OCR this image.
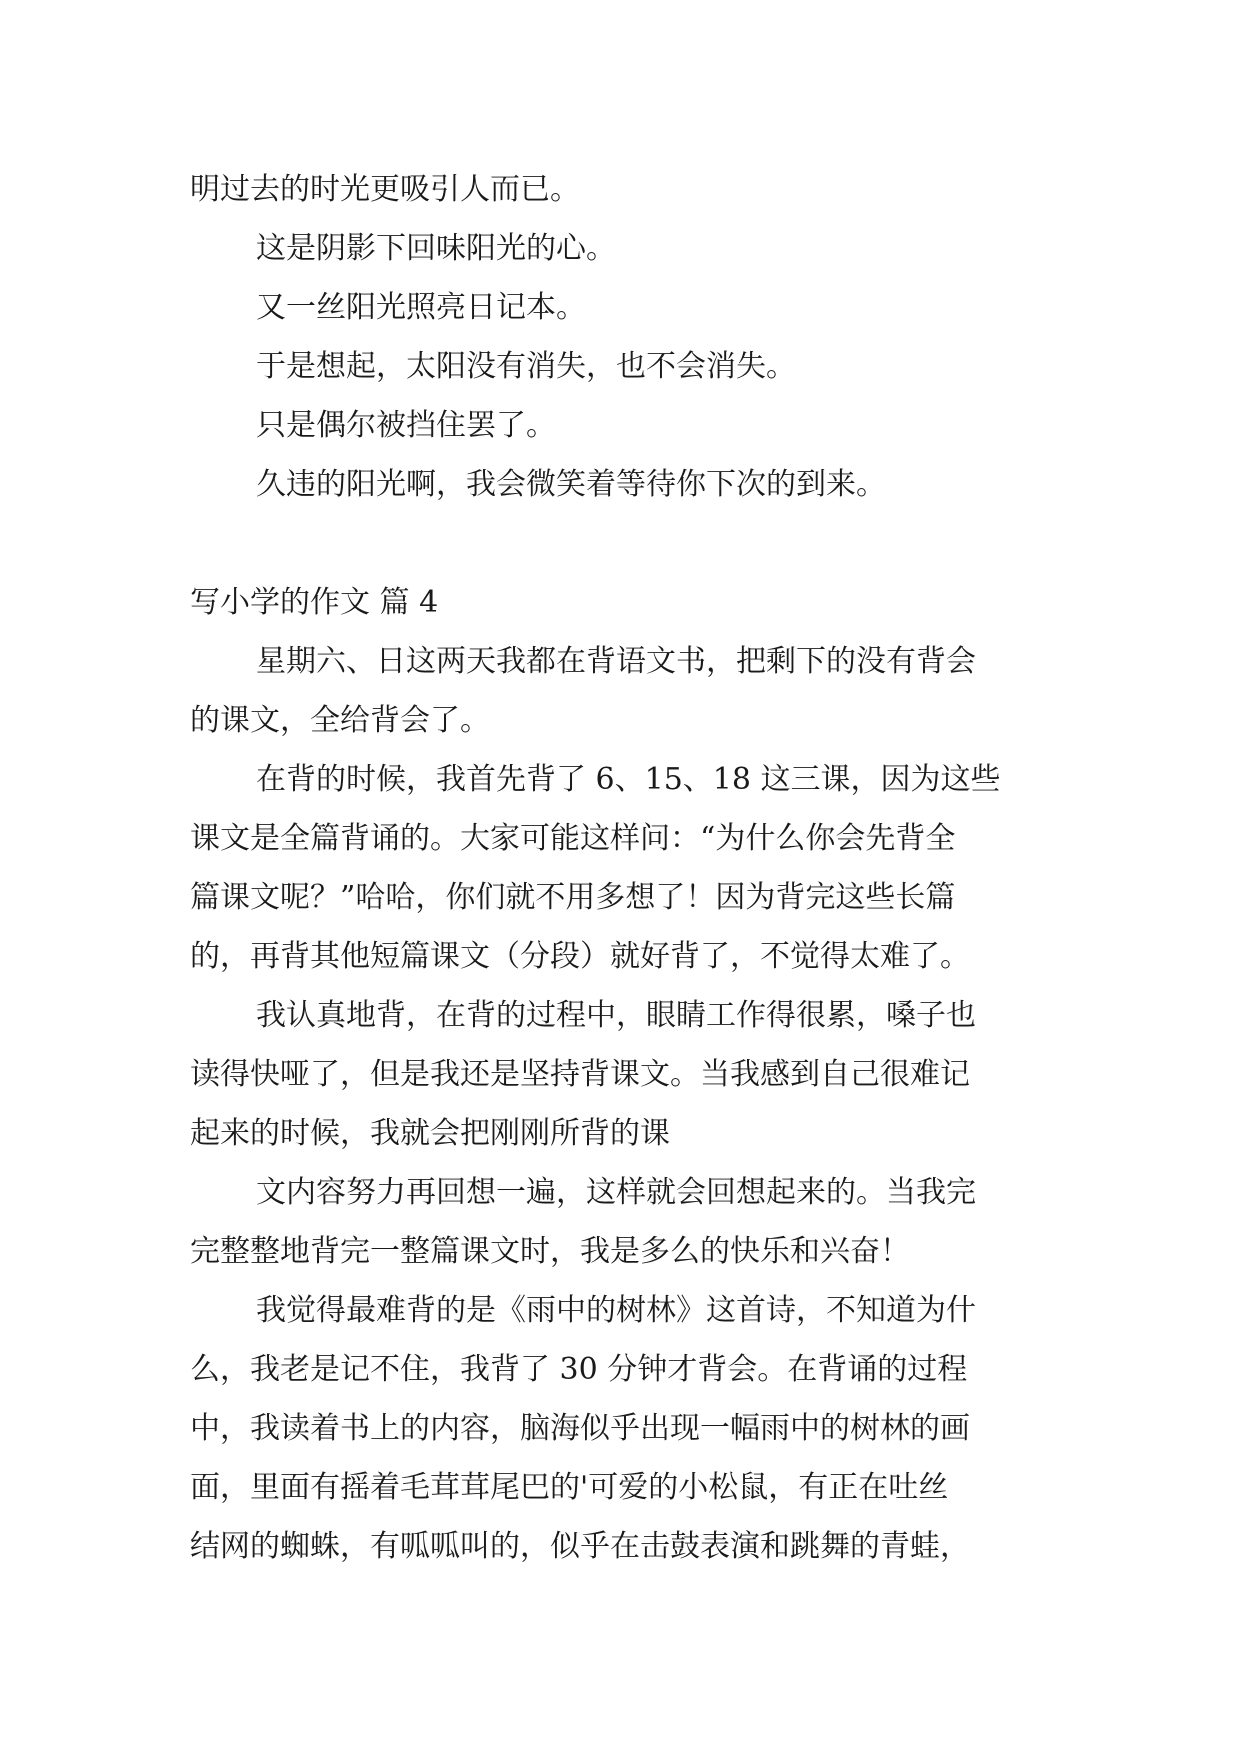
明过去的时光更吸引人而已。
这是阴影下回味阳光的心。
又一丝阳光照亮日记本。
于是想起，太阳没有消失，也不会消失。
只是偶尔被挡住罢了。
久违的阳光啊，我会微笑着等待你下次的到来。
写小学的作文 篇 4
星期六、日这两天我都在背语文书，把剩下的没有背会
的课文，全给背会了。
在背的时候，我首先背了 6、15、18 这三课，因为这些
课文是全篇背诵的。大家可能这样问：“为什么你会先背全
篇课文呢？”哈哈，你们就不用多想了！因为背完这些长篇
的，再背其他短篇课文（分段）就好背了，不觉得太难了。
我认真地背，在背的过程中，眼睛工作得很累，嗓子也
读得快哑了，但是我还是坚持背课文。当我感到自己很难记
起来的时候，我就会把刚刚所背的课
文内容努力再回想一遍，这样就会回想起来的。当我完
完整整地背完一整篇课文时，我是多么的快乐和兴奋！
我觉得最难背的是《雨中的树林》这首诗，不知道为什
么，我老是记不住，我背了 30 分钟才背会。在背诵的过程
中，我读着书上的内容，脑海似乎出现一幅雨中的树林的画
面，里面有摇着毛茸茸尾巴的'可爱的小松鼠，有正在吐丝
结网的蜘蛛，有呱呱叫的，似乎在击鼓表演和跳舞的青蛙，
